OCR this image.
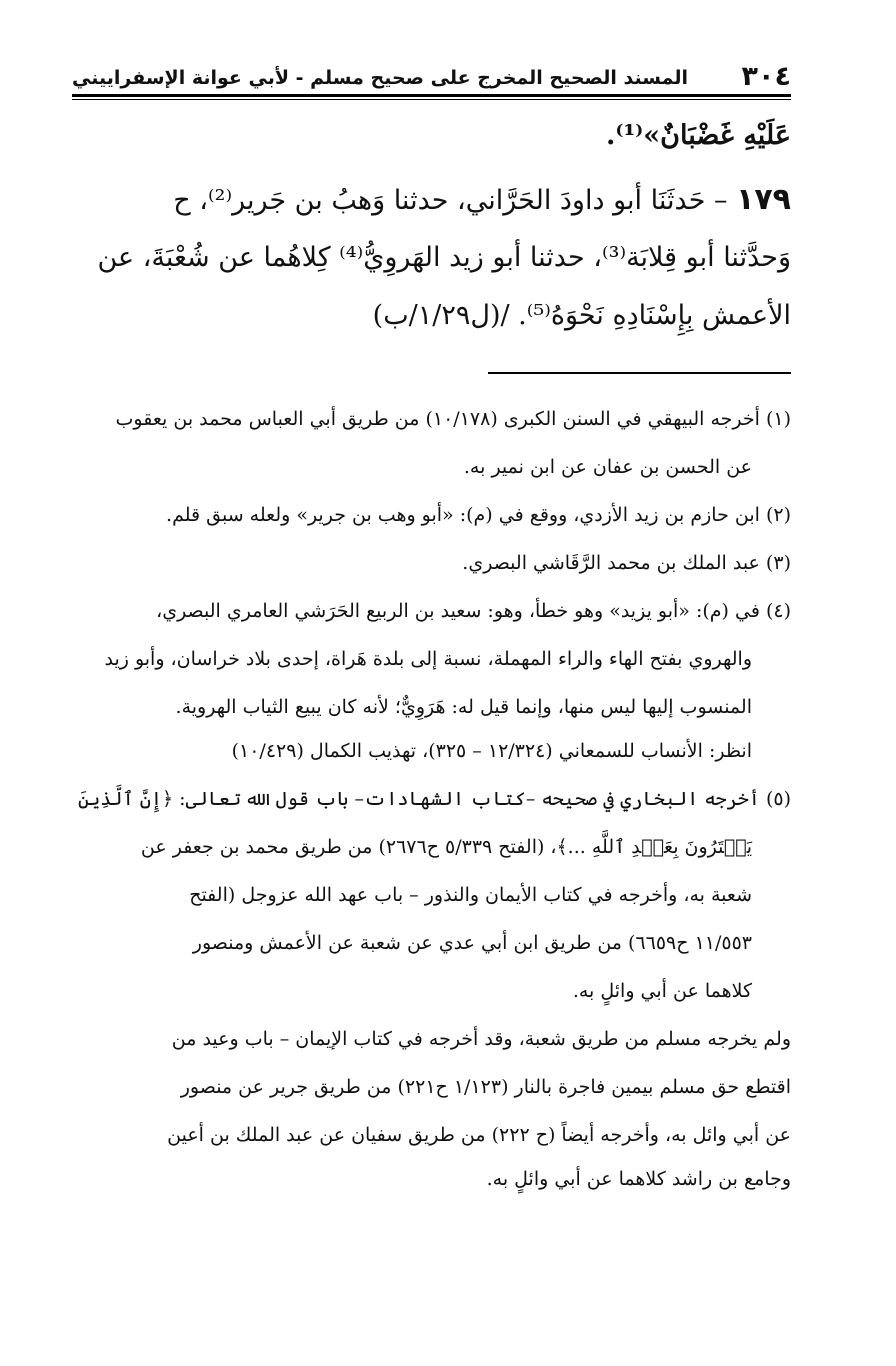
٣٠٤
المسند الصحيح المخرج على صحيح مسلم - لأبي عوانة الإسفراييني
عَلَيْهِ غَضْبَانٌ»⁽¹⁾.
١٧٩ – حَدثَنَا أبو داودَ الحَرَّاني، حدثنا وَهبُ بن جَرير⁽²⁾، ح
وَحدَّثنا أبو قِلابَة⁽³⁾، حدثنا أبو زيد الهَروِيُّ⁽⁴⁾ كِلاهُما عن شُعْبَةَ، عن
الأعمش بِإِسْنَادِهِ نَحْوَهُ⁽⁵⁾. /(ل١/٢٩/ب)
(١) أخرجه البيهقي في السنن الكبرى (١٠/١٧٨) من طريق أبي العباس محمد بن يعقوب
عن الحسن بن عفان عن ابن نمير به.
(٢) ابن حازم بن زيد الأزدي، ووقع في (م): «أبو وهب بن جرير» ولعله سبق قلم.
(٣) عبد الملك بن محمد الرَّقَاشي البصري.
(٤) في (م): «أبو يزيد» وهو خطأ، وهو: سعيد بن الربيع الحَرَشي العامري البصري،
والهروي بفتح الهاء والراء المهملة، نسبة إلى بلدة هَراة، إحدى بلاد خراسان، وأبو زيد
المنسوب إليها ليس منها، وإنما قيل له: هَرَوِيٌّ؛ لأنه كان يبيع الثياب الهروية.
انظر: الأنساب للسمعاني (١٢/٣٢٤ – ٣٢٥)، تهذيب الكمال (١٠/٤٢٩)
(٥) أخرجه البخاري في صحيحه –كتاب الشهادات– باب قول الله تعالى: ﴿إِنَّ ٱلَّذِينَ
يَشۡتَرُونَ بِعَهۡدِ ٱللَّهِ ...﴾، (الفتح ٥/٣٣٩ ح٢٦٧٦) من طريق محمد بن جعفر عن
شعبة به، وأخرجه في كتاب الأيمان والنذور – باب عهد الله عزوجل (الفتح
١١/٥٥٣ ح٦٦٥٩) من طريق ابن أبي عدي عن شعبة عن الأعمش ومنصور
كلاهما عن أبي وائلٍ به.
ولم يخرجه مسلم من طريق شعبة، وقد أخرجه في كتاب الإيمان – باب وعيد من
اقتطع حق مسلم بيمين فاجرة بالنار (١/١٢٣ ح٢٢١) من طريق جرير عن منصور
عن أبي وائل به، وأخرجه أيضاً (ح ٢٢٢) من طريق سفيان عن عبد الملك بن أعين
وجامع بن راشد كلاهما عن أبي وائلٍ به.
